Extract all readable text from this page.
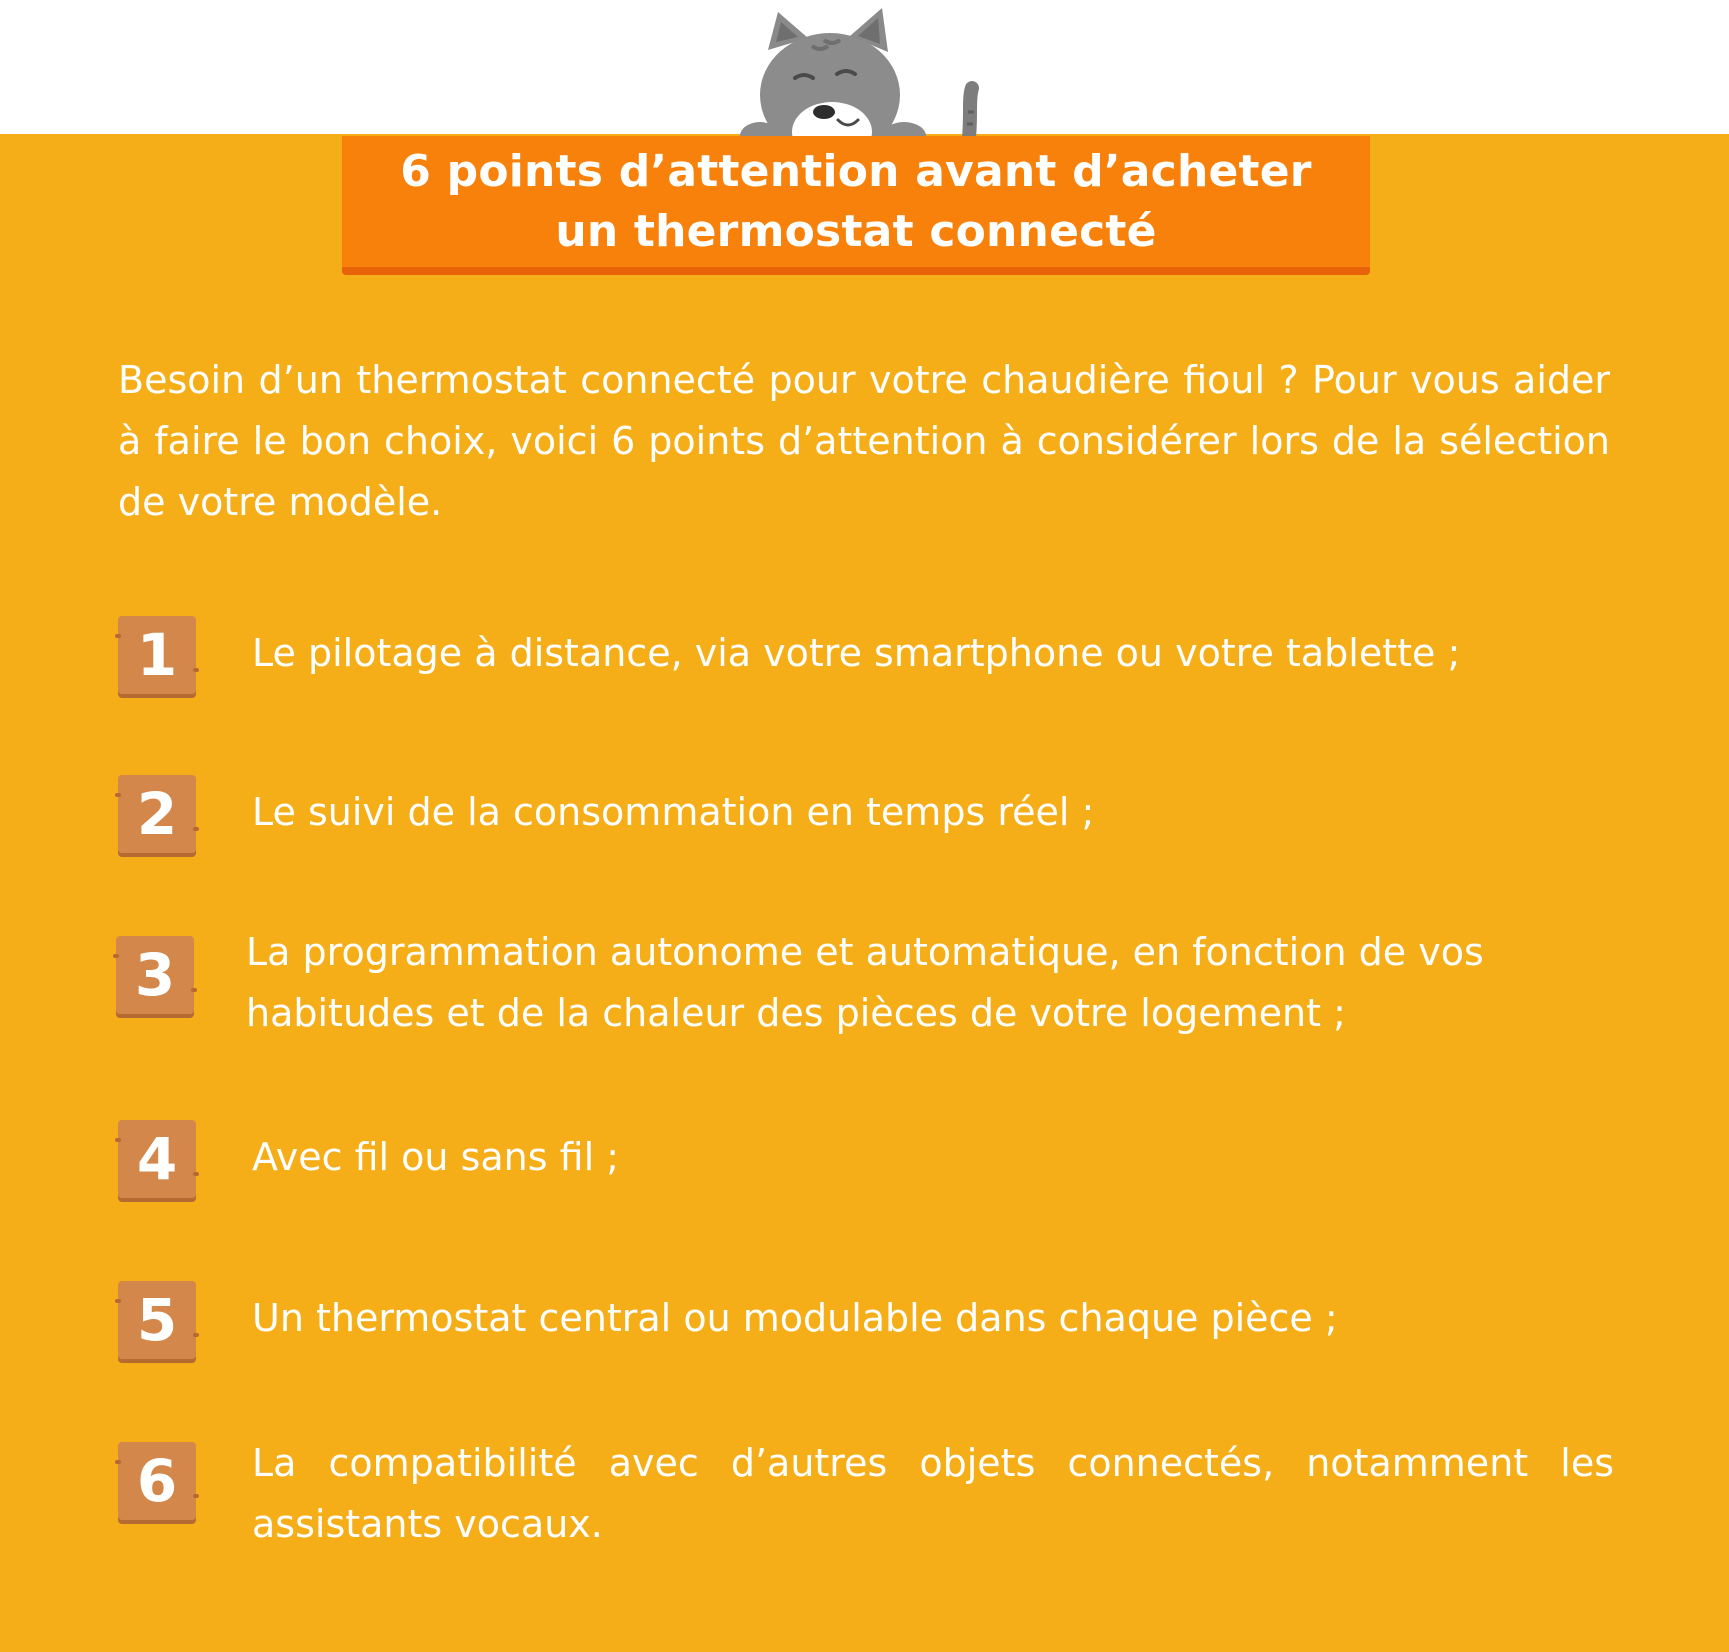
6 points d’attention avant d’acheter
un thermostat connecté

Besoin d’un thermostat connecté pour votre chaudière fioul ? Pour vous aider à faire le bon choix, voici 6 points d’attention à considérer lors de la sélection de votre modèle.

1 Le pilotage à distance, via votre smartphone ou votre tablette ;

2 Le suivi de la consommation en temps réel ;

3 La programmation autonome et automatique, en fonction de vos habitudes et de la chaleur des pièces de votre logement ;

4 Avec fil ou sans fil ;

5 Un thermostat central ou modulable dans chaque pièce ;

6 La compatibilité avec d’autres objets connectés, notamment les assistants vocaux.
